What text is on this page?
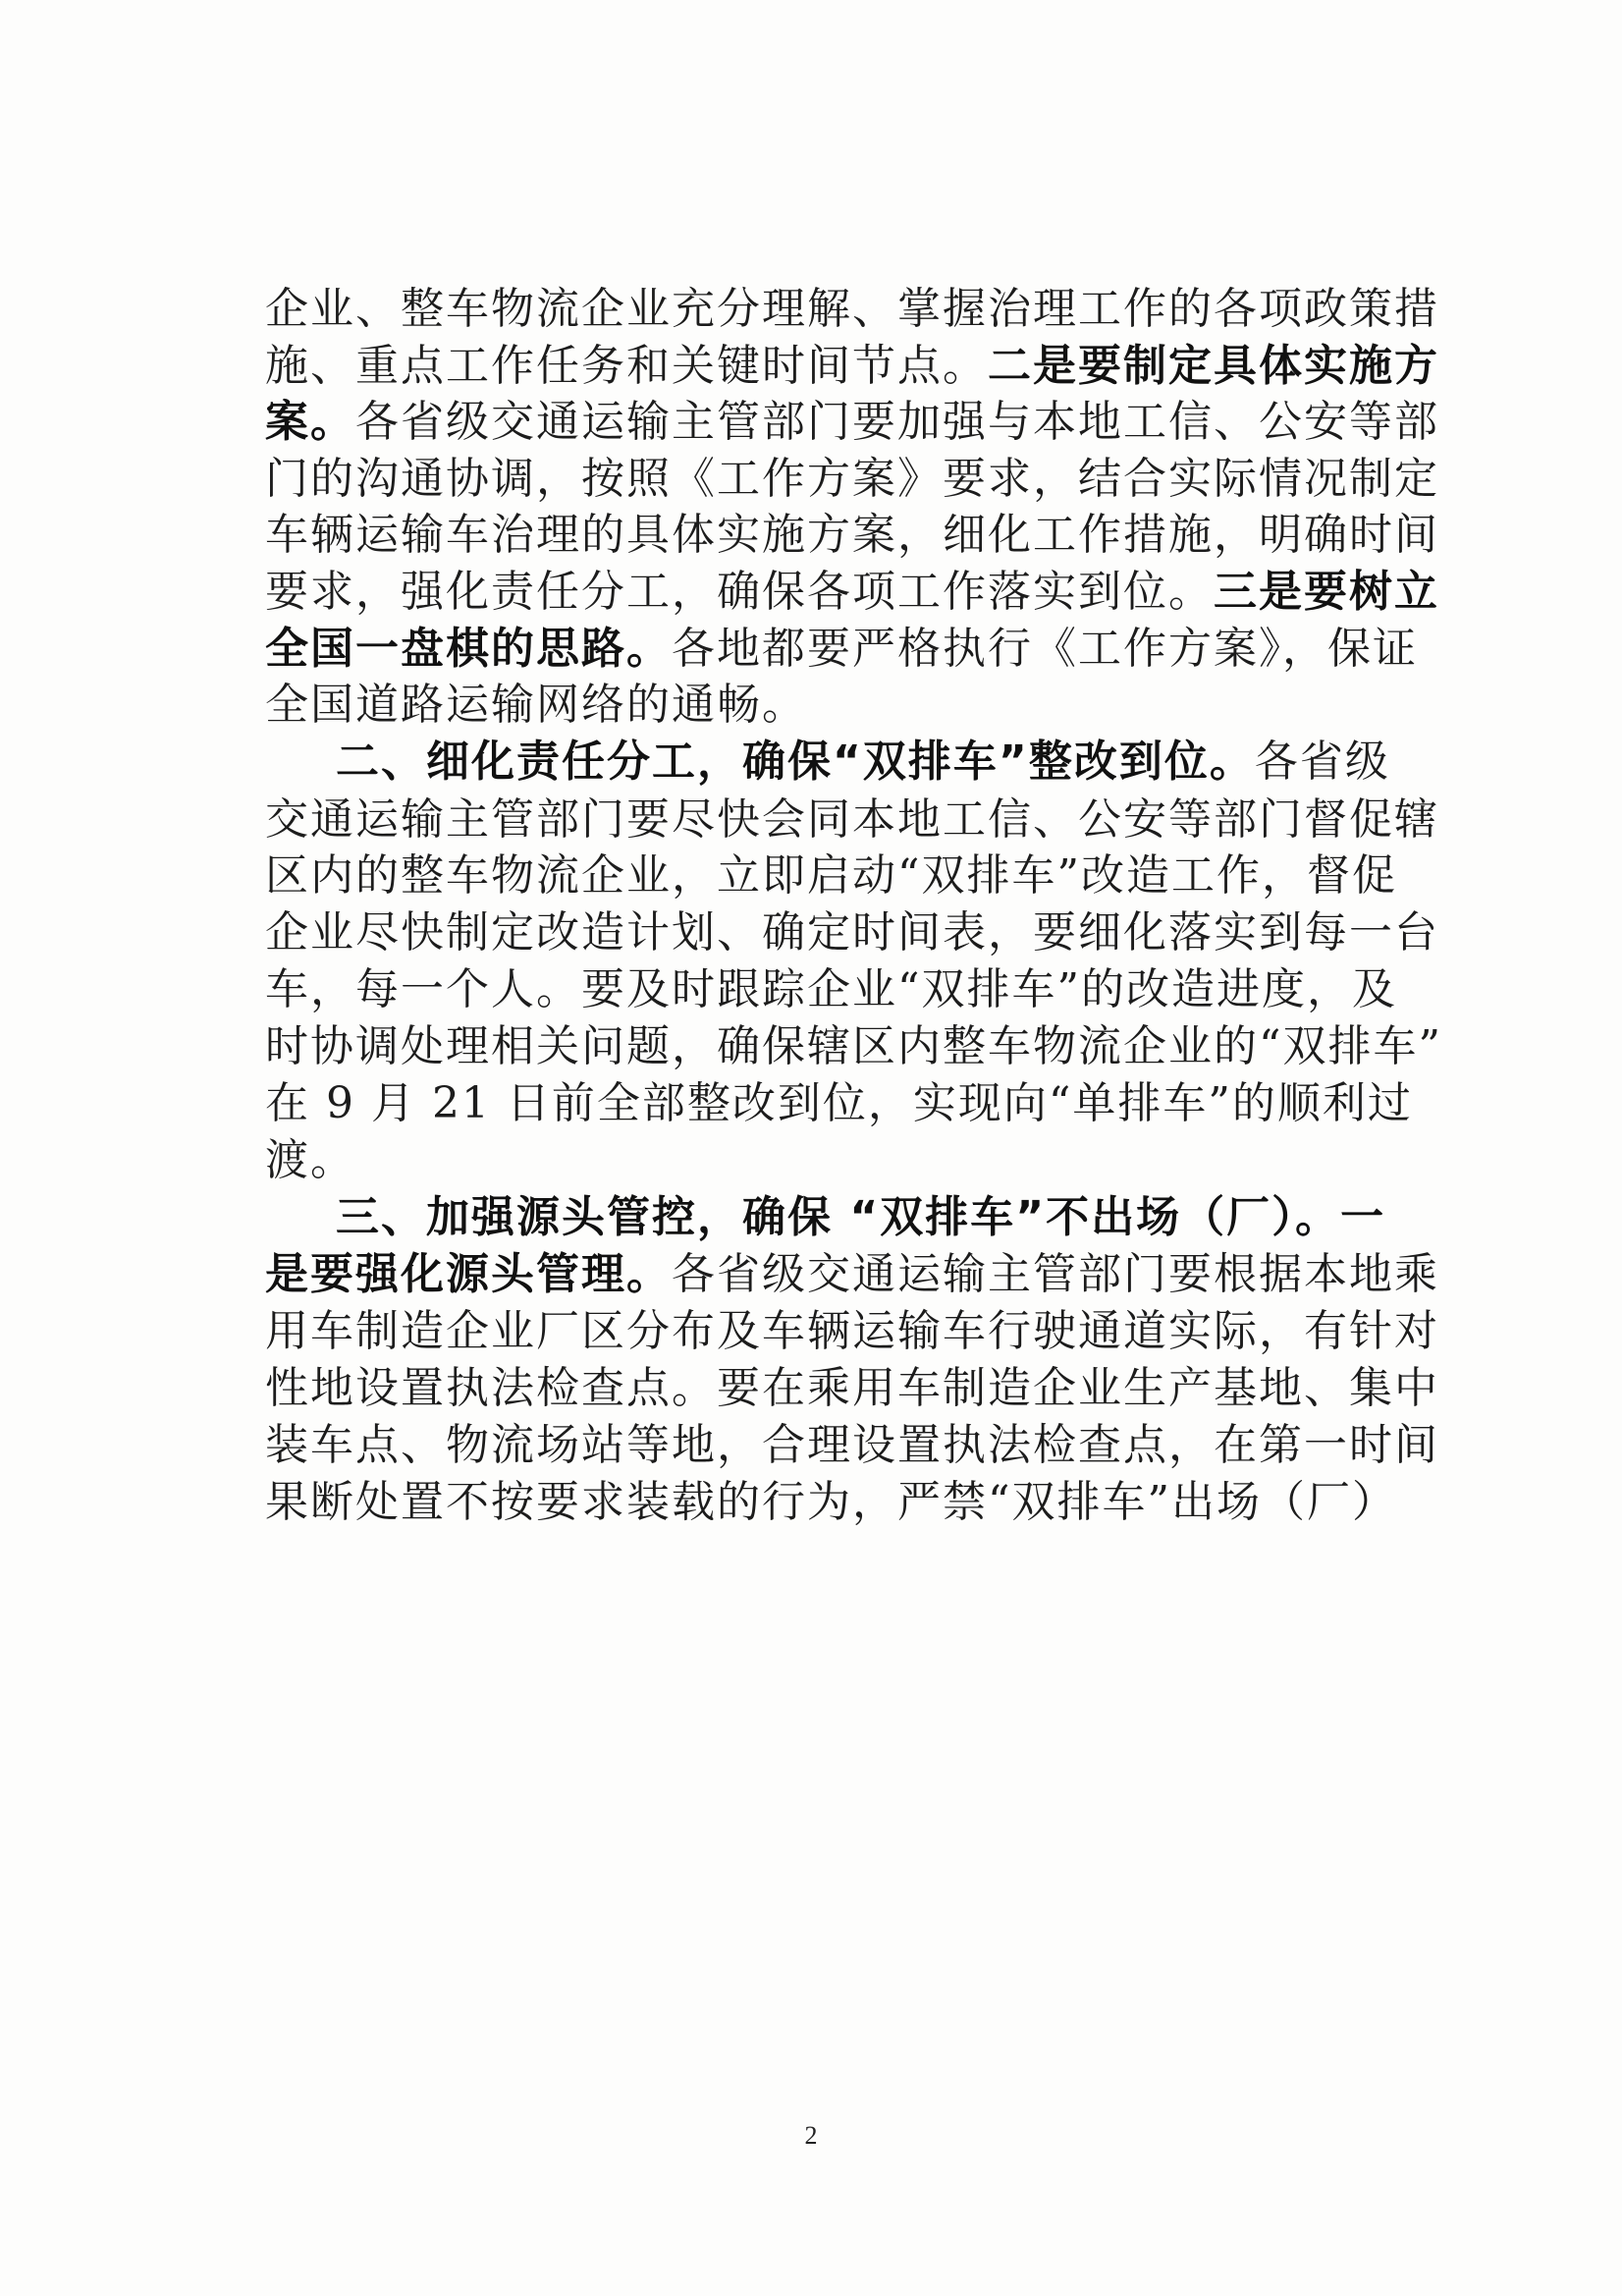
企业、整车物流企业充分理解、掌握治理工作的各项政策措

施、重点工作任务和关键时间节点。二是要制定具体实施方

案。各省级交通运输主管部门要加强与本地工信、公安等部

门的沟通协调，按照《工作方案》要求，结合实际情况制定

车辆运输车治理的具体实施方案，细化工作措施，明确时间

要求，强化责任分工，确保各项工作落实到位。三是要树立

全国一盘棋的思路。各地都要严格执行《工作方案》，保证

全国道路运输网络的通畅。

二、细化责任分工，确保“双排车”整改到位。各省级

交通运输主管部门要尽快会同本地工信、公安等部门督促辖

区内的整车物流企业，立即启动“双排车”改造工作，督促

企业尽快制定改造计划、确定时间表，要细化落实到每一台

车，每一个人。要及时跟踪企业“双排车”的改造进度，及

时协调处理相关问题，确保辖区内整车物流企业的“双排车”

在 9 月 21 日前全部整改到位，实现向“单排车”的顺利过

渡。

三、加强源头管控，确保 “双排车”不出场（厂）。一

是要强化源头管理。各省级交通运输主管部门要根据本地乘

用车制造企业厂区分布及车辆运输车行驶通道实际，有针对

性地设置执法检查点。要在乘用车制造企业生产基地、集中

装车点、物流场站等地，合理设置执法检查点，在第一时间

果断处置不按要求装载的行为，严禁“双排车”出场（厂）

2
